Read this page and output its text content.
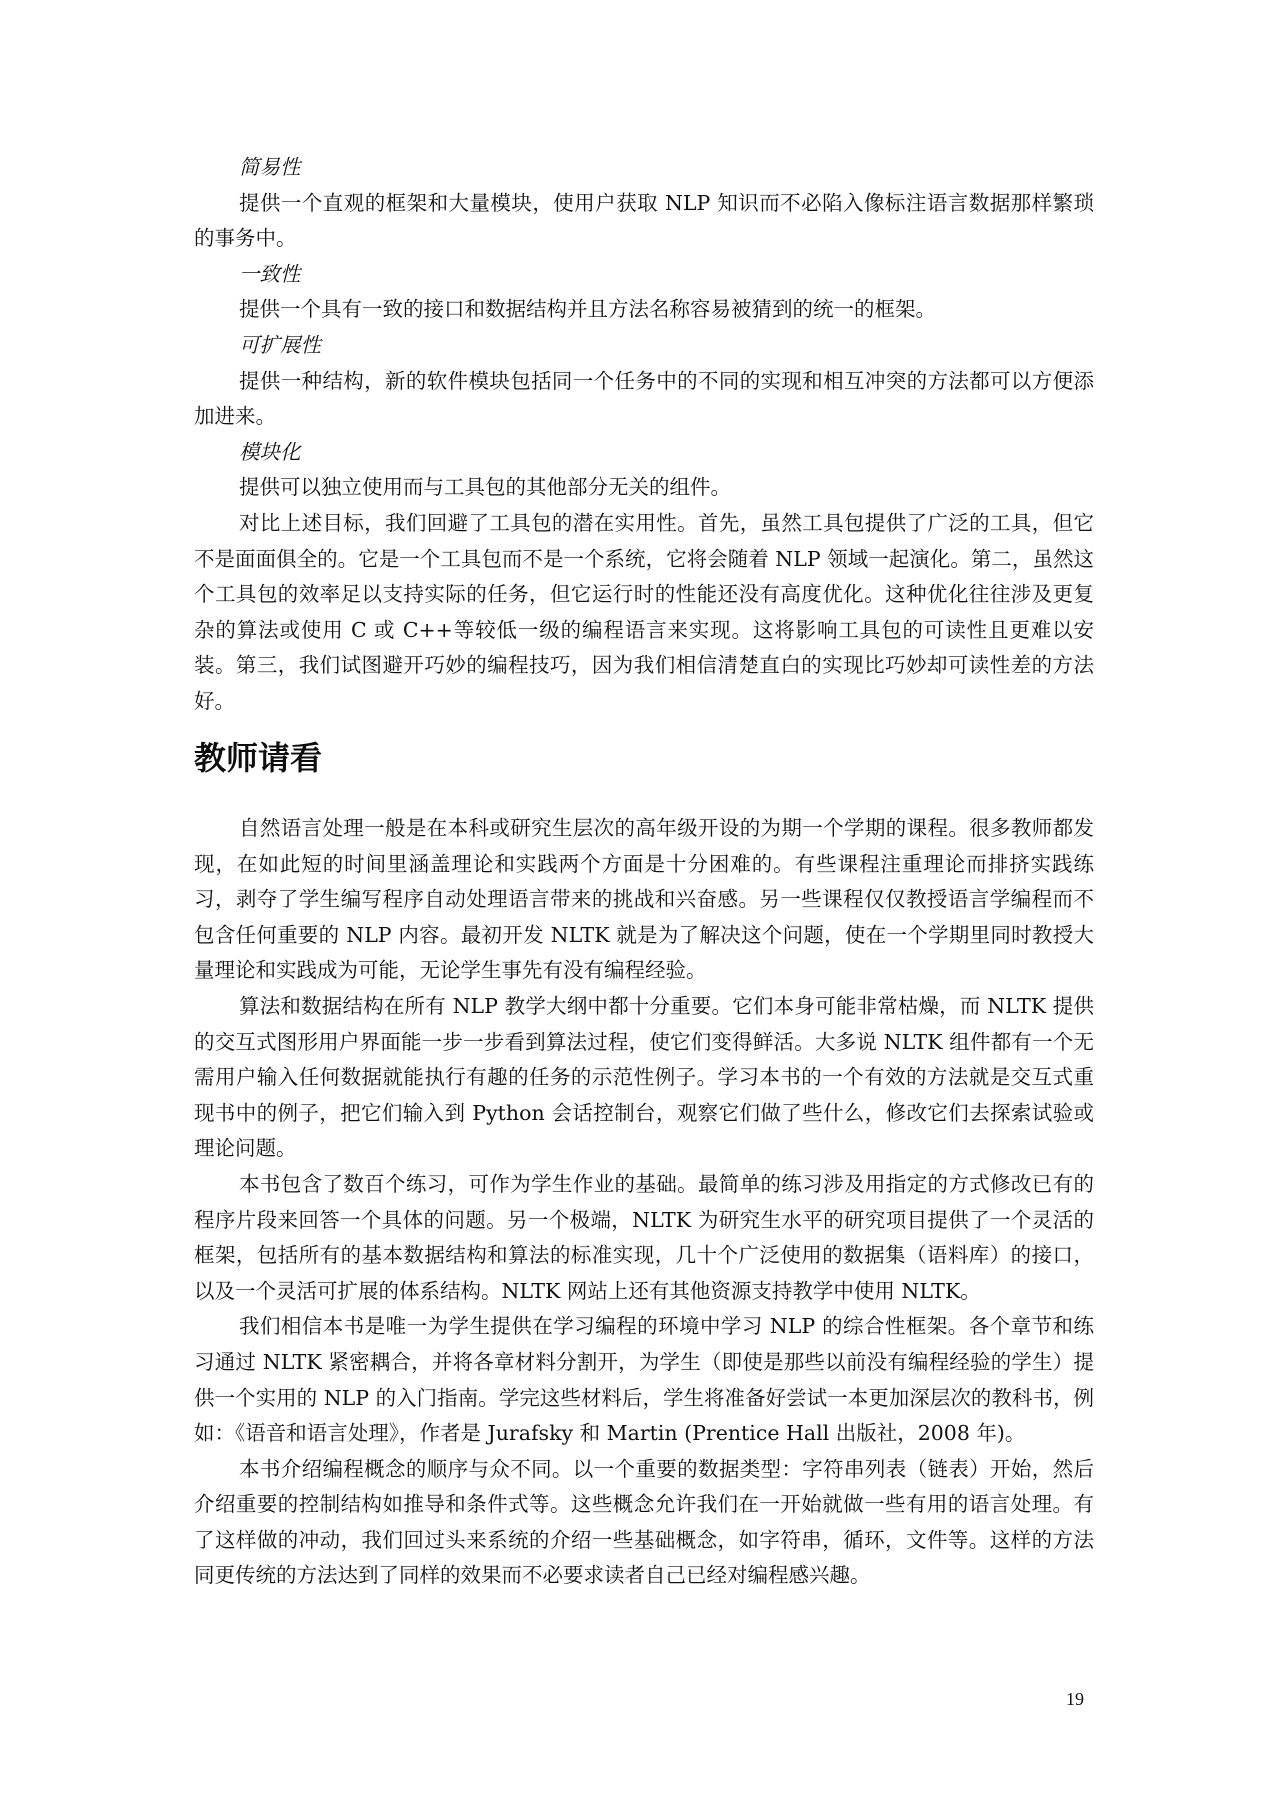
简易性

提供一个直观的框架和大量模块，使用户获取 NLP 知识而不必陷入像标注语言数据那样繁琐的事务中。

一致性

提供一个具有一致的接口和数据结构并且方法名称容易被猜到的统一的框架。

可扩展性

提供一种结构，新的软件模块包括同一个任务中的不同的实现和相互冲突的方法都可以方便添加进来。

模块化

提供可以独立使用而与工具包的其他部分无关的组件。

对比上述目标，我们回避了工具包的潜在实用性。首先，虽然工具包提供了广泛的工具，但它不是面面俱全的。它是一个工具包而不是一个系统，它将会随着 NLP 领域一起演化。第二，虽然这个工具包的效率足以支持实际的任务，但它运行时的性能还没有高度优化。这种优化往往涉及更复杂的算法或使用 C 或 C++等较低一级的编程语言来实现。这将影响工具包的可读性且更难以安装。第三，我们试图避开巧妙的编程技巧，因为我们相信清楚直白的实现比巧妙却可读性差的方法好。

教师请看

自然语言处理一般是在本科或研究生层次的高年级开设的为期一个学期的课程。很多教师都发现，在如此短的时间里涵盖理论和实践两个方面是十分困难的。有些课程注重理论而排挤实践练习，剥夺了学生编写程序自动处理语言带来的挑战和兴奋感。另一些课程仅仅教授语言学编程而不包含任何重要的 NLP 内容。最初开发 NLTK 就是为了解决这个问题，使在一个学期里同时教授大量理论和实践成为可能，无论学生事先有没有编程经验。

算法和数据结构在所有 NLP 教学大纲中都十分重要。它们本身可能非常枯燥，而 NLTK 提供的交互式图形用户界面能一步一步看到算法过程，使它们变得鲜活。大多说 NLTK 组件都有一个无需用户输入任何数据就能执行有趣的任务的示范性例子。学习本书的一个有效的方法就是交互式重现书中的例子，把它们输入到 Python 会话控制台，观察它们做了些什么，修改它们去探索试验或理论问题。

本书包含了数百个练习，可作为学生作业的基础。最简单的练习涉及用指定的方式修改已有的程序片段来回答一个具体的问题。另一个极端，NLTK 为研究生水平的研究项目提供了一个灵活的框架，包括所有的基本数据结构和算法的标准实现，几十个广泛使用的数据集（语料库）的接口，以及一个灵活可扩展的体系结构。NLTK 网站上还有其他资源支持教学中使用 NLTK。

我们相信本书是唯一为学生提供在学习编程的环境中学习 NLP 的综合性框架。各个章节和练习通过 NLTK 紧密耦合，并将各章材料分割开，为学生（即使是那些以前没有编程经验的学生）提供一个实用的 NLP 的入门指南。学完这些材料后，学生将准备好尝试一本更加深层次的教科书，例如：《语音和语言处理》，作者是 Jurafsky 和 Martin (Prentice Hall 出版社，2008 年)。

本书介绍编程概念的顺序与众不同。以一个重要的数据类型：字符串列表（链表）开始，然后介绍重要的控制结构如推导和条件式等。这些概念允许我们在一开始就做一些有用的语言处理。有了这样做的冲动，我们回过头来系统的介绍一些基础概念，如字符串，循环，文件等。这样的方法同更传统的方法达到了同样的效果而不必要求读者自己已经对编程感兴趣。

19
